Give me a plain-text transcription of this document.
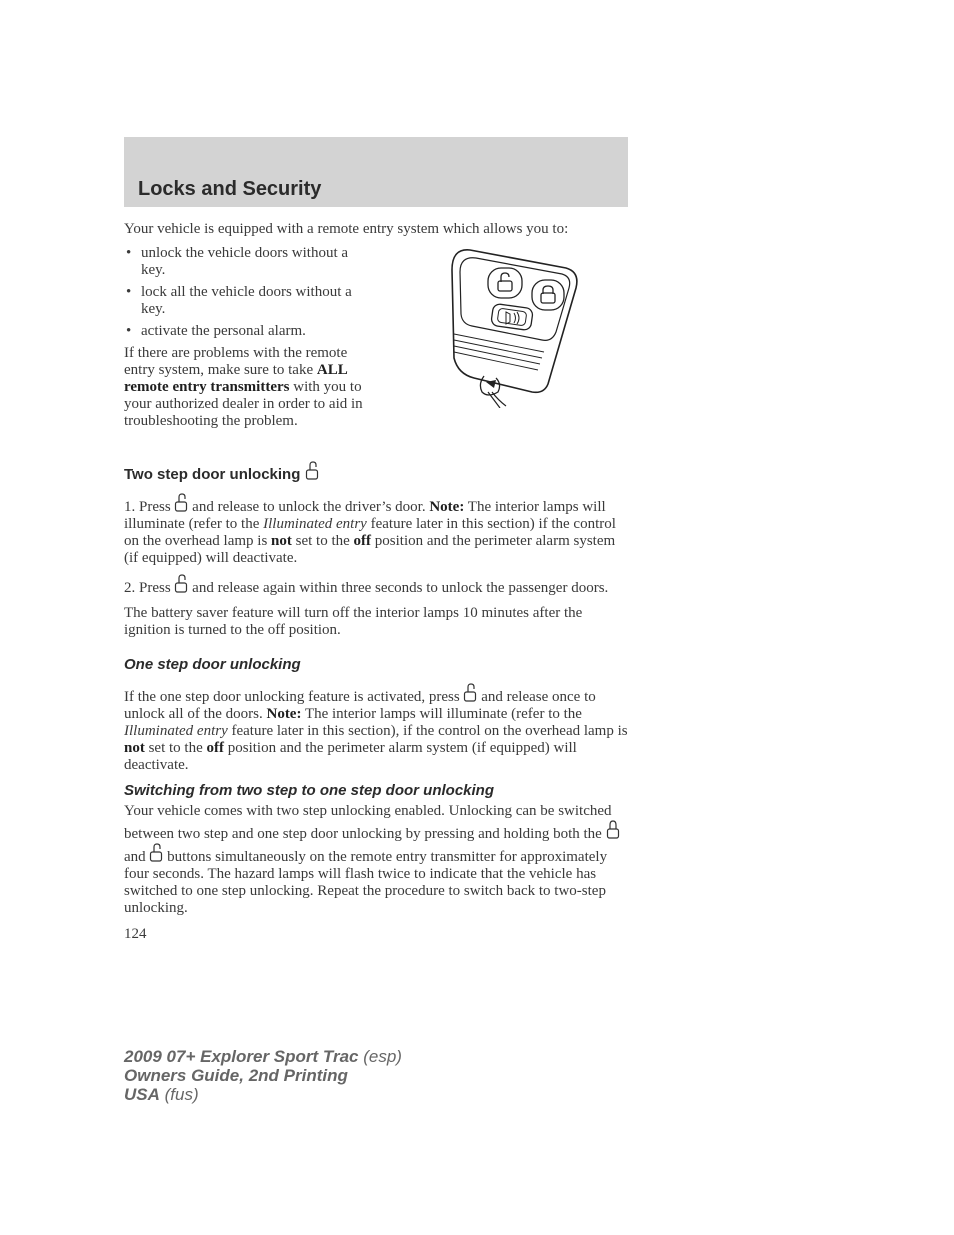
Locks and Security

Your vehicle is equipped with a remote entry system which allows you to:

• unlock the vehicle doors without a key.
• lock all the vehicle doors without a key.
• activate the personal alarm.

If there are problems with the remote entry system, make sure to take ALL remote entry transmitters with you to your authorized dealer in order to aid in troubleshooting the problem.

Two step door unlocking

1. Press  and release to unlock the driver’s door. Note: The interior lamps will illuminate (refer to the Illuminated entry feature later in this section) if the control on the overhead lamp is not set to the off position and the perimeter alarm system (if equipped) will deactivate.

2. Press  and release again within three seconds to unlock the passenger doors.

The battery saver feature will turn off the interior lamps 10 minutes after the ignition is turned to the off position.

One step door unlocking

If the one step door unlocking feature is activated, press  and release once to unlock all of the doors. Note: The interior lamps will illuminate (refer to the Illuminated entry feature later in this section), if the control on the overhead lamp is not set to the off position and the perimeter alarm system (if equipped) will deactivate.

Switching from two step to one step door unlocking

Your vehicle comes with two step unlocking enabled. Unlocking can be switched between two step and one step door unlocking by pressing and holding both the  and  buttons simultaneously on the remote entry transmitter for approximately four seconds. The hazard lamps will flash twice to indicate that the vehicle has switched to one step unlocking. Repeat the procedure to switch back to two-step unlocking.

124
2009 07+ Explorer Sport Trac (esp)
Owners Guide, 2nd Printing
USA (fus)
